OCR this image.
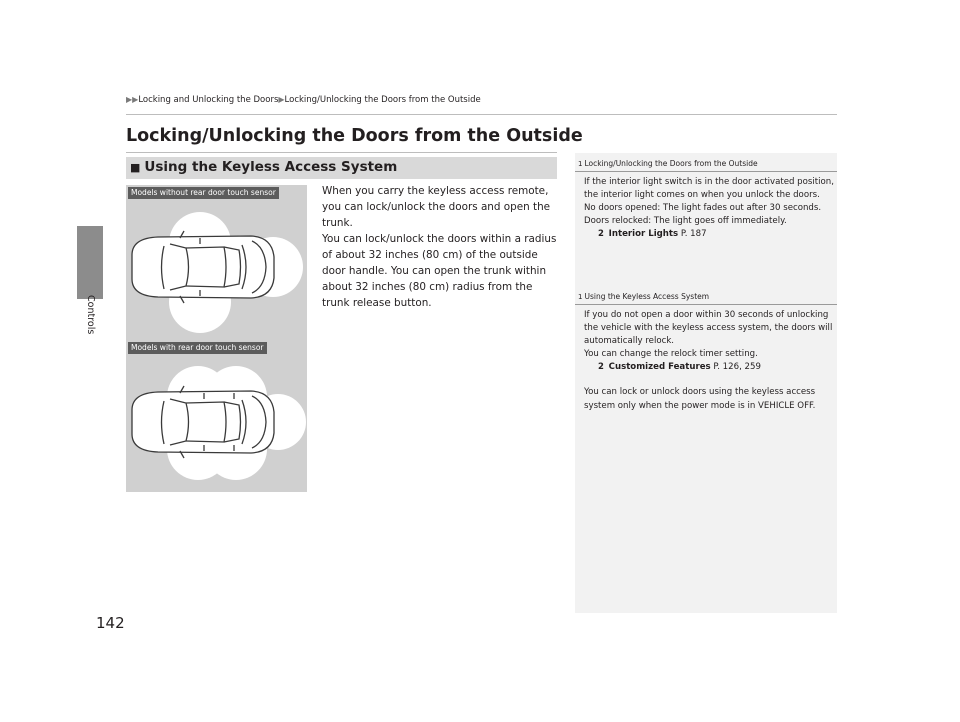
▶▶Locking and Unlocking the Doors▶Locking/Unlocking the Doors from the Outside
Controls
142
Locking/Unlocking the Doors from the Outside
■ Using the Keyless Access System
Models without rear door touch sensor
Models with rear door touch sensor

When you carry the keyless access remote, you can lock/unlock the doors and open the trunk.

You can lock/unlock the doors within a radius of about 32 inches (80 cm) of the outside door handle. You can open the trunk within about 32 inches (80 cm) radius from the trunk release button.

1 Locking/Unlocking the Doors from the Outside

If the interior light switch is in the door activated position, the interior light comes on when you unlock the doors.

No doors opened: The light fades out after 30 seconds.

Doors relocked: The light goes off immediately.

2 Interior Lights P. 187

1 Using the Keyless Access System

If you do not open a door within 30 seconds of unlocking the vehicle with the keyless access system, the doors will automatically relock.

You can change the relock timer setting.

2 Customized Features P. 126, 259

You can lock or unlock doors using the keyless access system only when the power mode is in VEHICLE OFF.
